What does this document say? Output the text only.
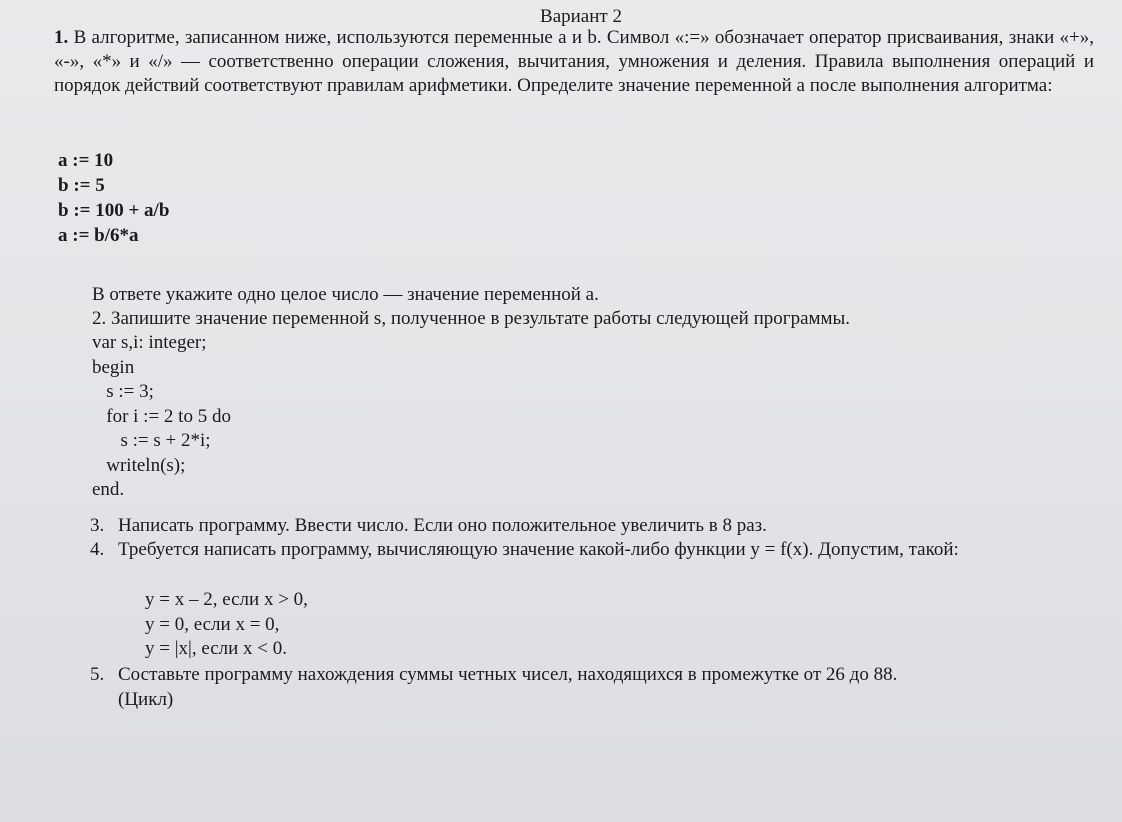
Вариант 2
1. В алгоритме, записанном ниже, используются переменные a и b. Символ «:=» обозначает оператор присваивания, знаки «+», «-», «*» и «/» — соответственно операции сложения, вычитания, умножения и деления. Правила выполнения операций и порядок действий соответствуют правилам арифметики. Определите значение переменной a после выполнения алгоритма:
a := 10
b := 5
b := 100 + a/b
a := b/6*a
В ответе укажите одно целое число — значение переменной a.
2. Запишите значение переменной s, полученное в результате работы следующей программы.
var s,i: integer;
begin
s := 3;
for i := 2 to 5 do
s := s + 2*i;
writeln(s);
end.
3. Написать программу. Ввести число. Если оно положительное увеличить в 8 раз.
4. Требуется написать программу, вычисляющую значение какой-либо функции y = f(x). Допустим, такой:
y = x – 2, если x > 0,
y = 0, если x = 0,
y = |x|, если x < 0.
5. Составьте программу нахождения суммы четных чисел, находящихся в промежутке от 26 до 88.
(Цикл)
